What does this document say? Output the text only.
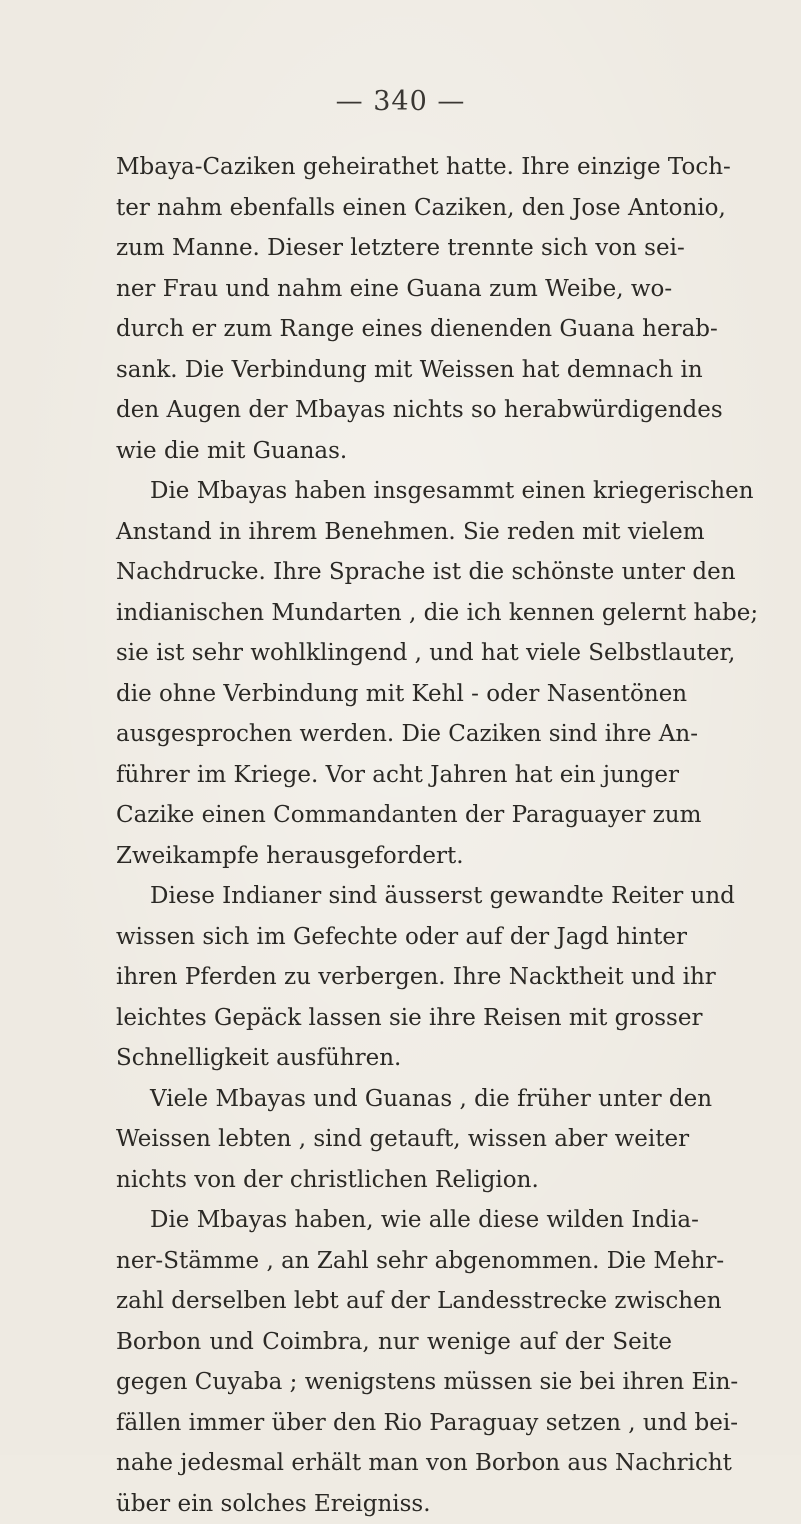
— 340 —
Mbaya-Caziken geheirathet hatte. Ihre einzige Toch-
ter nahm ebenfalls einen Caziken, den Jose Antonio,
zum Manne. Dieser letztere trennte sich von sei-
ner Frau und nahm eine Guana zum Weibe, wo-
durch er zum Range eines dienenden Guana herab-
sank. Die Verbindung mit Weissen hat demnach in
den Augen der Mbayas nichts so herabwürdigendes
wie die mit Guanas.
Die Mbayas haben insgesammt einen kriegerischen
Anstand in ihrem Benehmen. Sie reden mit vielem
Nachdrucke. Ihre Sprache ist die schönste unter den
indianischen Mundarten , die ich kennen gelernt habe;
sie ist sehr wohlklingend , und hat viele Selbstlauter,
die ohne Verbindung mit Kehl - oder Nasentönen
ausgesprochen werden. Die Caziken sind ihre An-
führer im Kriege. Vor acht Jahren hat ein junger
Cazike einen Commandanten der Paraguayer zum
Zweikampfe herausgefordert.
Diese Indianer sind äusserst gewandte Reiter und
wissen sich im Gefechte oder auf der Jagd hinter
ihren Pferden zu verbergen. Ihre Nacktheit und ihr
leichtes Gepäck lassen sie ihre Reisen mit grosser
Schnelligkeit ausführen.
Viele Mbayas und Guanas , die früher unter den
Weissen lebten , sind getauft, wissen aber weiter
nichts von der christlichen Religion.
Die Mbayas haben, wie alle diese wilden India-
ner-Stämme , an Zahl sehr abgenommen. Die Mehr-
zahl derselben lebt auf der Landesstrecke zwischen
Borbon und Coimbra, nur wenige auf der Seite
gegen Cuyaba ; wenigstens müssen sie bei ihren Ein-
fällen immer über den Rio Paraguay setzen , und bei-
nahe jedesmal erhält man von Borbon aus Nachricht
über ein solches Ereigniss.
